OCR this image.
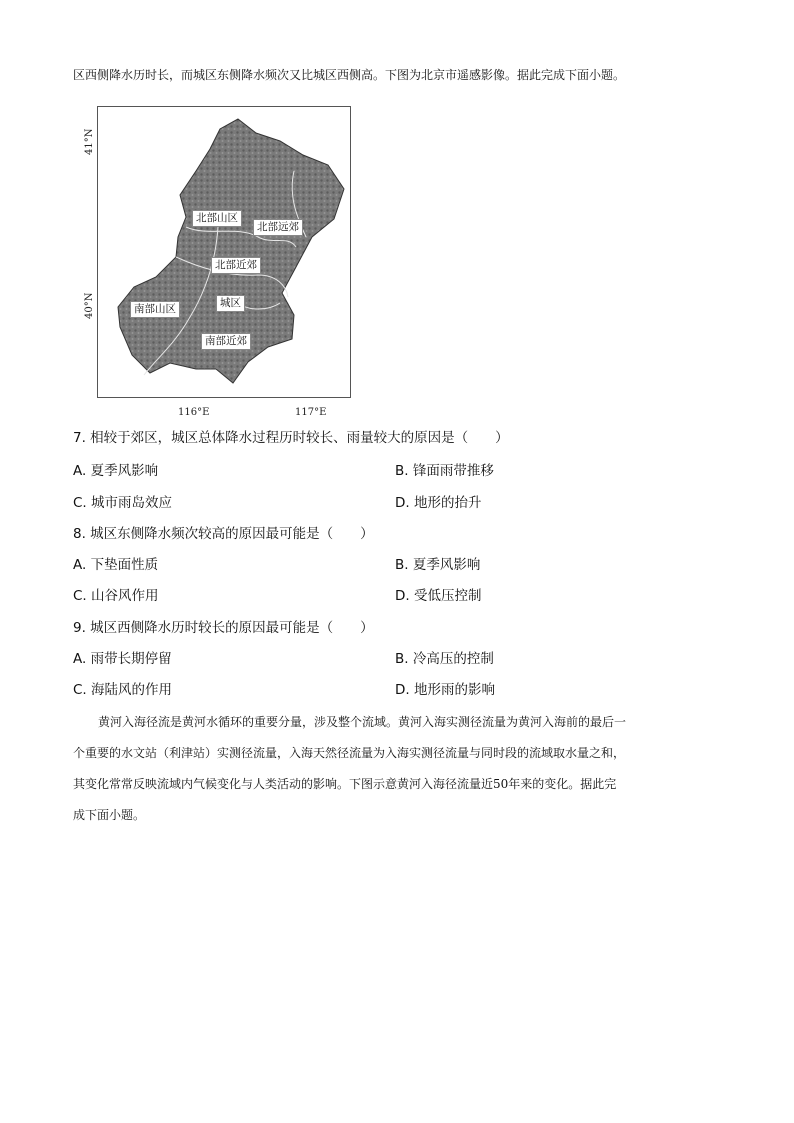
区西侧降水历时长，而城区东侧降水频次又比城区西侧高。下图为北京市遥感影像。据此完成下面小题。
41°N
40°N
116°E	117°E
北部山区
北部远郊
北部近郊
南部山区	城区
南部近郊
7. 相较于郊区，城区总体降水过程历时较长、雨量较大的原因是（　　）
A. 夏季风影响	B. 锋面雨带推移
C. 城市雨岛效应	D. 地形的抬升
8. 城区东侧降水频次较高的原因最可能是（　　）
A. 下垫面性质	B. 夏季风影响
C. 山谷风作用	D. 受低压控制
9. 城区西侧降水历时较长的原因最可能是（　　）
A. 雨带长期停留	B. 冷高压的控制
C. 海陆风的作用	D. 地形雨的影响
黄河入海径流是黄河水循环的重要分量，涉及整个流域。黄河入海实测径流量为黄河入海前的最后一
个重要的水文站（利津站）实测径流量，入海天然径流量为入海实测径流量与同时段的流域取水量之和，
其变化常常反映流域内气候变化与人类活动的影响。下图示意黄河入海径流量近50年来的变化。据此完
成下面小题。
